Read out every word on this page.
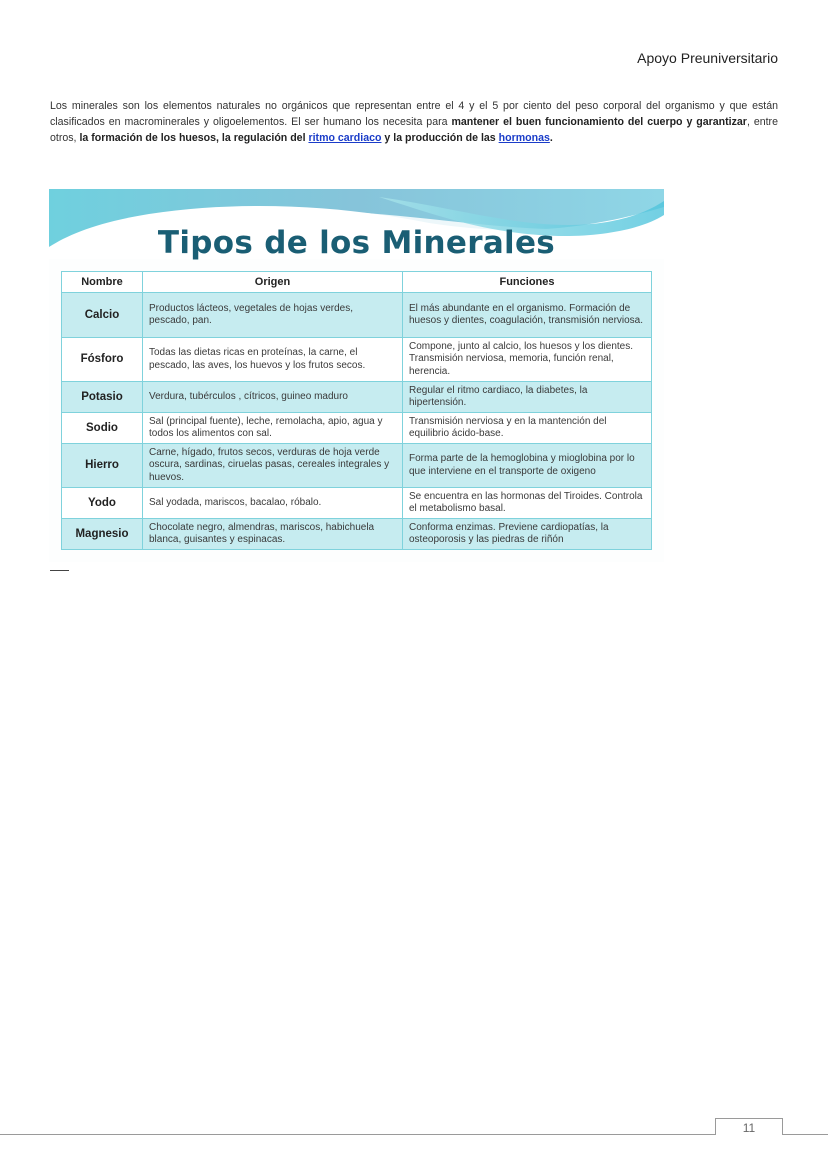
Apoyo Preuniversitario

Los minerales son los elementos naturales no orgánicos que representan entre el 4 y el 5 por ciento del peso corporal del organismo y que están clasificados en macrominerales y oligoelementos. El ser humano los necesita para mantener el buen funcionamiento del cuerpo y garantizar, entre otros, la formación de los huesos, la regulación del ritmo cardiaco y la producción de las hormonas.

Tipos de los Minerales
Nombre	Origen	Funciones
Calcio	Productos lácteos, vegetales de hojas verdes, pescado, pan.	El más abundante en el organismo. Formación de huesos y dientes, coagulación, transmisión nerviosa.
Fósforo	Todas las dietas ricas en proteínas, la carne, el pescado, las aves, los huevos y los frutos secos.	Compone, junto al calcio, los huesos y los dientes. Transmisión nerviosa, memoria, función renal, herencia.
Potasio	Verdura, tubérculos , cítricos, guineo maduro	Regular el ritmo cardiaco, la diabetes, la hipertensión.
Sodio	Sal (principal fuente), leche, remolacha, apio, agua y todos los alimentos con sal.	Transmisión nerviosa y en la mantención del equilibrio ácido-base.
Hierro	Carne, hígado, frutos secos, verduras de hoja verde oscura, sardinas, ciruelas pasas, cereales integrales y huevos.	Forma parte de la hemoglobina y mioglobina por lo que interviene en el transporte de oxigeno
Yodo	Sal yodada, mariscos, bacalao, róbalo.	Se encuentra en las hormonas del Tiroides. Controla el metabolismo basal.
Magnesio	Chocolate negro, almendras, mariscos, habichuela blanca, guisantes y espinacas.	Conforma enzimas. Previene cardiopatías, la osteoporosis y las piedras de riñón
11
